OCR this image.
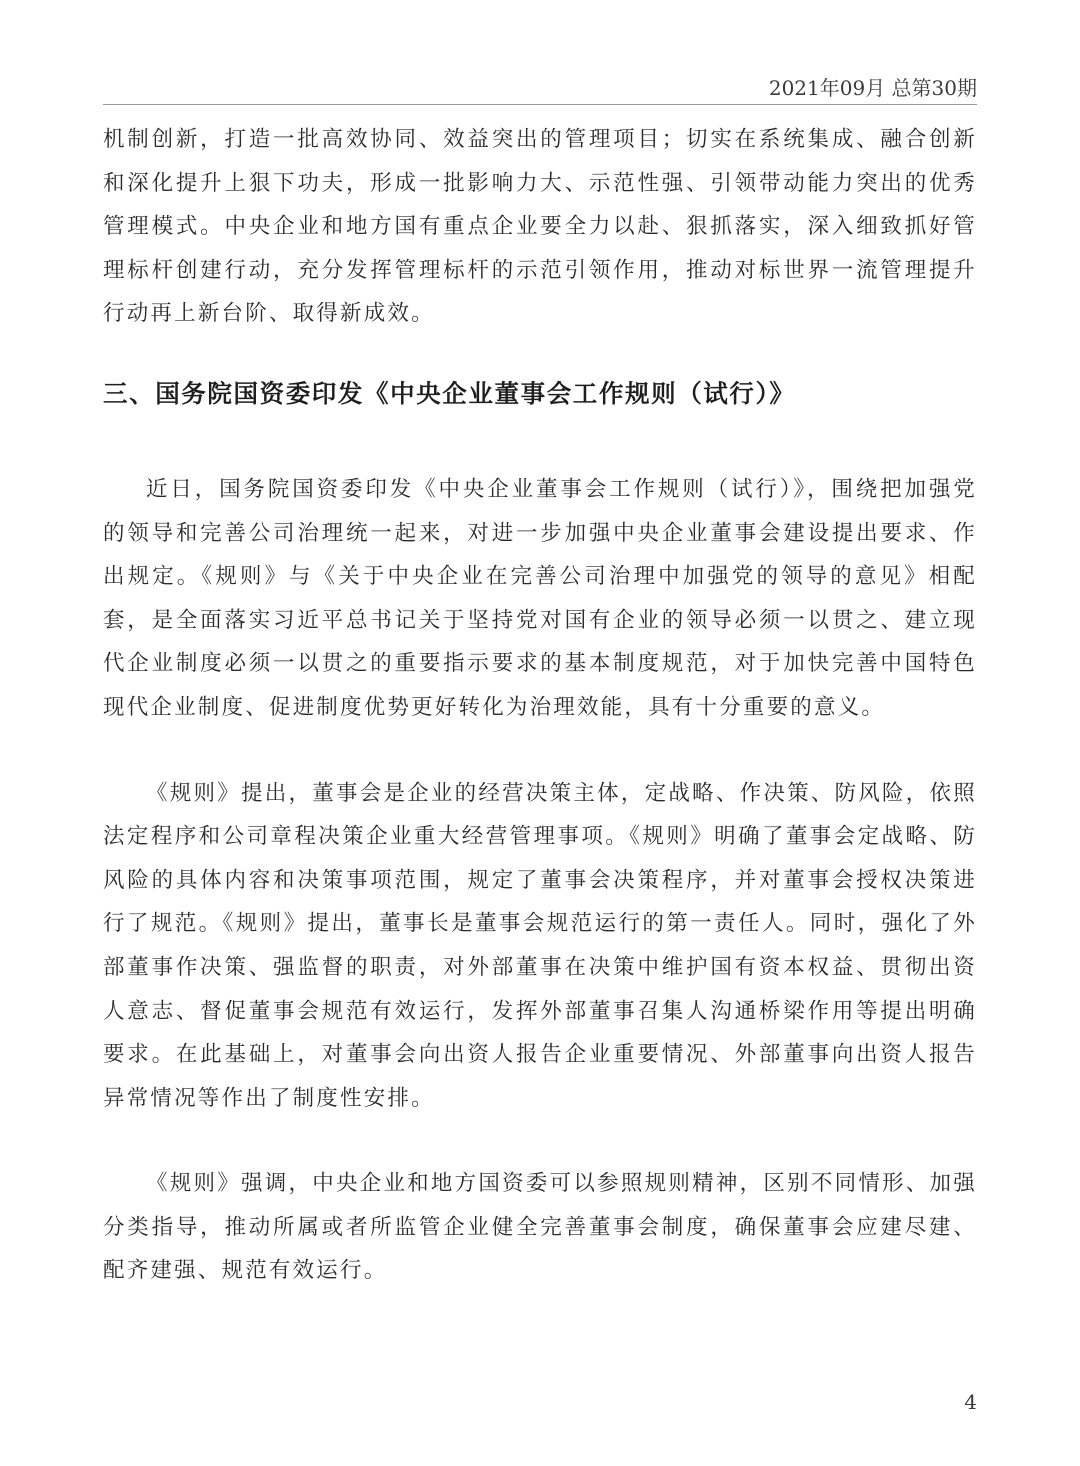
2021年09月 总第30期

机制创新，打造一批高效协同、效益突出的管理项目；切实在系统集成、融合创新和深化提升上狠下功夫，形成一批影响力大、示范性强、引领带动能力突出的优秀管理模式。中央企业和地方国有重点企业要全力以赴、狠抓落实，深入细致抓好管理标杆创建行动，充分发挥管理标杆的示范引领作用，推动对标世界一流管理提升行动再上新台阶、取得新成效。

三、国务院国资委印发《中央企业董事会工作规则（试行）》

近日，国务院国资委印发《中央企业董事会工作规则（试行）》，围绕把加强党的领导和完善公司治理统一起来，对进一步加强中央企业董事会建设提出要求、作出规定。《规则》与《关于中央企业在完善公司治理中加强党的领导的意见》相配套，是全面落实习近平总书记关于坚持党对国有企业的领导必须一以贯之、建立现代企业制度必须一以贯之的重要指示要求的基本制度规范，对于加快完善中国特色现代企业制度、促进制度优势更好转化为治理效能，具有十分重要的意义。

《规则》提出，董事会是企业的经营决策主体，定战略、作决策、防风险，依照法定程序和公司章程决策企业重大经营管理事项。《规则》明确了董事会定战略、防风险的具体内容和决策事项范围，规定了董事会决策程序，并对董事会授权决策进行了规范。《规则》提出，董事长是董事会规范运行的第一责任人。同时，强化了外部董事作决策、强监督的职责，对外部董事在决策中维护国有资本权益、贯彻出资人意志、督促董事会规范有效运行，发挥外部董事召集人沟通桥梁作用等提出明确要求。在此基础上，对董事会向出资人报告企业重要情况、外部董事向出资人报告异常情况等作出了制度性安排。

《规则》强调，中央企业和地方国资委可以参照规则精神，区别不同情形、加强分类指导，推动所属或者所监管企业健全完善董事会制度，确保董事会应建尽建、配齐建强、规范有效运行。

4
